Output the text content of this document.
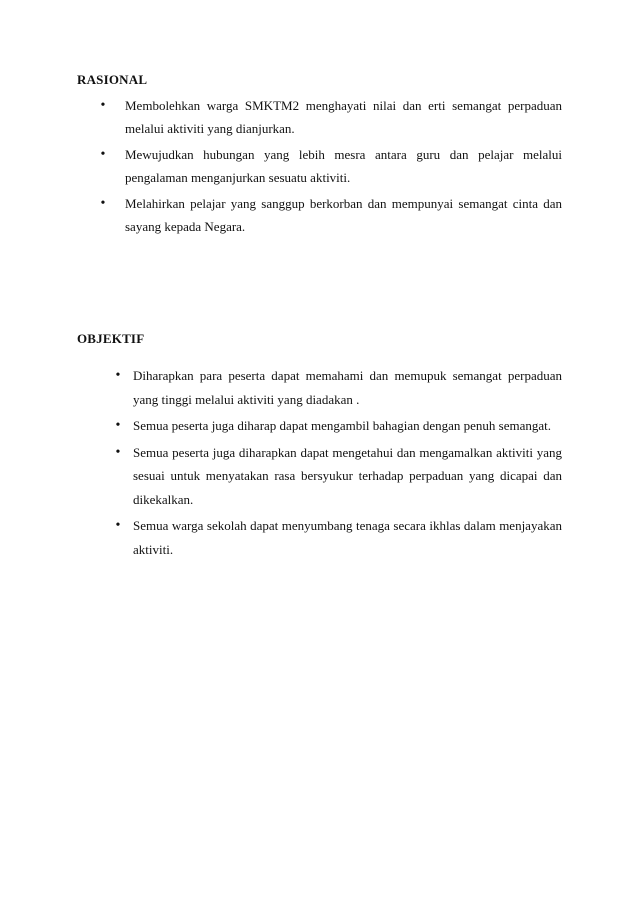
RASIONAL
• Membolehkan warga SMKTM2 menghayati nilai dan erti semangat perpaduan melalui aktiviti yang dianjurkan.
• Mewujudkan hubungan yang lebih mesra antara guru dan pelajar melalui pengalaman menganjurkan sesuatu aktiviti.
• Melahirkan pelajar yang sanggup berkorban dan mempunyai semangat cinta dan sayang kepada Negara.
OBJEKTIF
• Diharapkan para peserta dapat memahami dan memupuk semangat perpaduan yang tinggi melalui aktiviti yang diadakan .
• Semua peserta juga diharap dapat mengambil bahagian dengan penuh semangat.
• Semua peserta juga diharapkan dapat mengetahui dan mengamalkan aktiviti yang sesuai untuk menyatakan rasa bersyukur terhadap perpaduan yang dicapai dan dikekalkan.
• Semua warga sekolah dapat menyumbang tenaga secara ikhlas dalam menjayakan aktiviti.
